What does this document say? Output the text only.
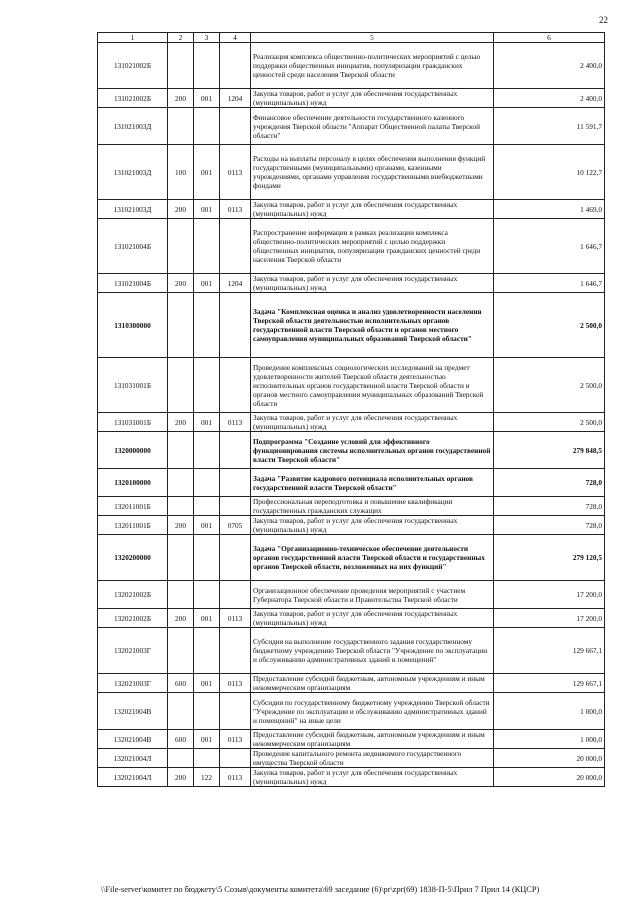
22
1	2	3	4	5	6
131021002Б				Реализация комплекса общественно-политических мероприятий с целью поддержки общественных инициатив, популяризации гражданских ценностей среди населения Тверской области	2 400,0
131021002Б	200	001	1204	Закупка товаров, работ и услуг для обеспечения государственных (муниципальных) нужд	2 400,0
131021003Д				Финансовое обеспечение деятельности государственного казенного учреждения Тверской области "Аппарат Общественной палаты Тверской области"	11 591,7
131021003Д	100	001	0113	Расходы на выплаты персоналу в целях обеспечения выполнения функций государственными (муниципальными) органами, казенными учреждениями, органами управления государственными внебюджетными фондами	10 122,7
131021003Д	200	001	0113	Закупка товаров, работ и услуг для обеспечения государственных (муниципальных) нужд	1 469,0
131021004Б				Распространение информации в рамках реализации комплекса общественно-политических мероприятий с целью поддержки общественных инициатив, популяризации гражданских ценностей среди населения Тверской области	1 646,7
131021004Б	200	001	1204	Закупка товаров, работ и услуг для обеспечения государственных (муниципальных) нужд	1 646,7
1310300000				Задача "Комплексная оценка и анализ удовлетворенности населения Тверской области деятельностью исполнительных органов государственной власти Тверской области и органов местного самоуправления муниципальных образований Тверской области"	2 500,0
131031001Б				Проведение комплексных социологических исследований на предмет удовлетворенности жителей Тверской области деятельностью исполнительных органов государственной власти Тверской области и органов местного самоуправления муниципальных образований Тверской области	2 500,0
131031001Б	200	001	0113	Закупка товаров, работ и услуг для обеспечения государственных (муниципальных) нужд	2 500,0
1320000000				Подпрограмма "Создание условий для эффективного функционирования системы исполнительных органов государственной власти Тверской области"	279 848,5
1320100000				Задача "Развитие кадрового потенциала исполнительных органов государственной власти Тверской области"	728,0
132011001Б				Профессиональная переподготовка и повышение квалификации государственных гражданских служащих	728,0
132011001Б	200	001	0705	Закупка товаров, работ и услуг для обеспечения государственных (муниципальных) нужд	728,0
1320200000				Задача "Организационно-техническое обеспечение деятельности органов государственной власти Тверской области и государственных органов Тверской области, возложенных на них функций"	279 120,5
132021002Б				Организационное обеспечение проведения мероприятий с участием Губернатора Тверской области и Правительства Тверской области	17 200,0
132021002Б	200	001	0113	Закупка товаров, работ и услуг для обеспечения государственных (муниципальных) нужд	17 200,0
132021003Г				Субсидия на выполнение государственного задания государственному бюджетному учреждению Тверской области "Учреждение по эксплуатации и обслуживанию административных зданий и помещений"	129 667,1
132021003Г	600	001	0113	Предоставление субсидий бюджетным, автономным учреждениям и иным некоммерческим организациям	129 667,1
132021004В				Субсидия по государственному бюджетному учреждению Тверской области "Учреждение по эксплуатации и обслуживанию административных зданий и помещений" на иные цели	1 000,0
132021004В	600	001	0113	Предоставление субсидий бюджетным, автономным учреждениям и иным некоммерческим организациям	1 000,0
132021004Л				Проведение капитального ремонта недвижимого государственного имущества Тверской области	20 000,0
132021004Л	200	122	0113	Закупка товаров, работ и услуг для обеспечения государственных (муниципальных) нужд	20 000,0
\\File-server\комитет по бюджету\5 Созыв\документы комитета\69 заседание (6)\pr\zpr(69) 1838-П-5\Прил 7 Прил 14 (КЦСР)
